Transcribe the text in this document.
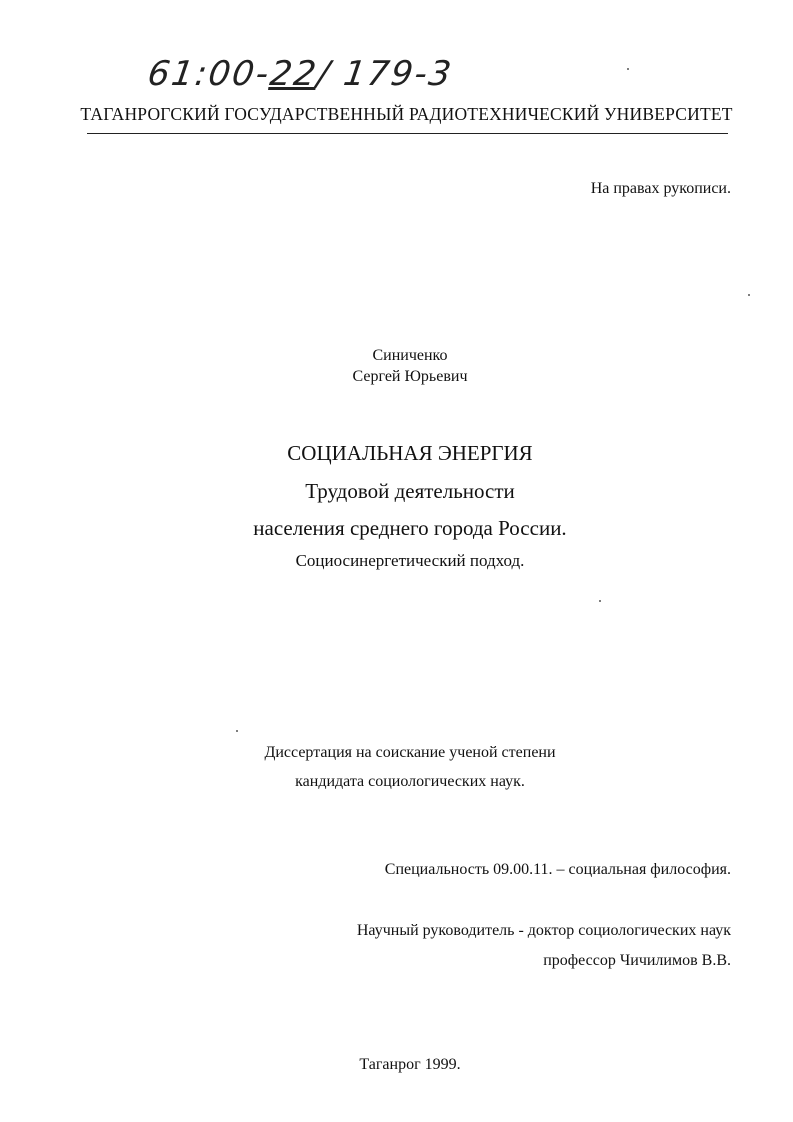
61:00-22/ 179-3
ТАГАНРОГСКИЙ ГОСУДАРСТВЕННЫЙ РАДИОТЕХНИЧЕСКИЙ УНИВЕРСИТЕТ
На правах рукописи.
Синиченко
Сергей Юрьевич
СОЦИАЛЬНАЯ ЭНЕРГИЯ
Трудовой деятельности
населения среднего города России.
Социосинергетический подход.
Диссертация на соискание ученой степени
кандидата социологических наук.
Специальность 09.00.11. – социальная философия.
Научный руководитель - доктор социологических наук
профессор Чичилимов В.В.
Таганрог 1999.
